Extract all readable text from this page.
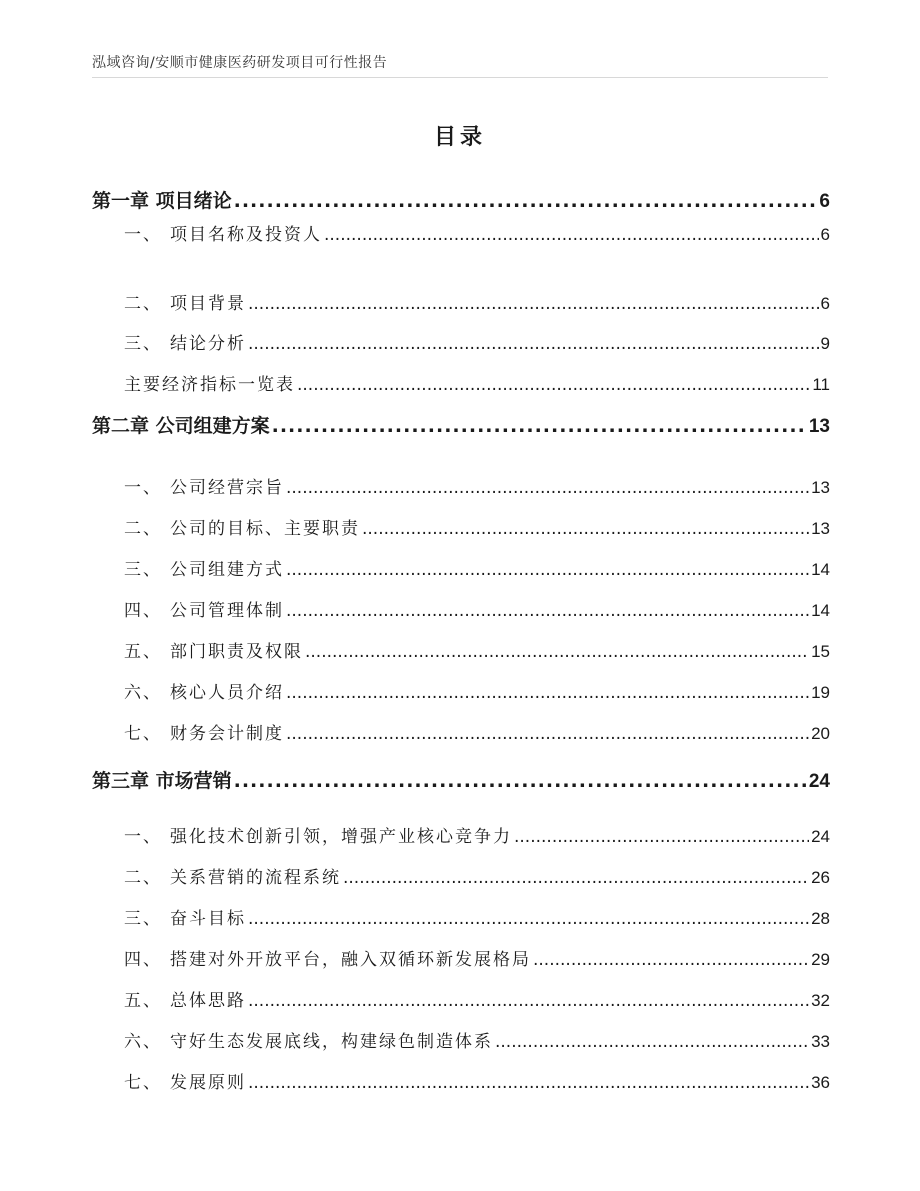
泓域咨询/安顺市健康医药研发项目可行性报告
目录
第一章 项目绪论 .....	6
一、 项目名称及投资人 .....	6
二、 项目背景 .....	6
三、 结论分析 .....	9
主要经济指标一览表 .....	11
第二章 公司组建方案 .....	13
一、 公司经营宗旨 .....	13
二、 公司的目标、主要职责 .....	13
三、 公司组建方式 .....	14
四、 公司管理体制 .....	14
五、 部门职责及权限 .....	15
六、 核心人员介绍 .....	19
七、 财务会计制度 .....	20
第三章 市场营销 .....	24
一、 强化技术创新引领，增强产业核心竞争力 .....	24
二、 关系营销的流程系统 .....	26
三、 奋斗目标 .....	28
四、 搭建对外开放平台，融入双循环新发展格局 .....	29
五、 总体思路 .....	32
六、 守好生态发展底线，构建绿色制造体系 .....	33
七、 发展原则 .....	36
